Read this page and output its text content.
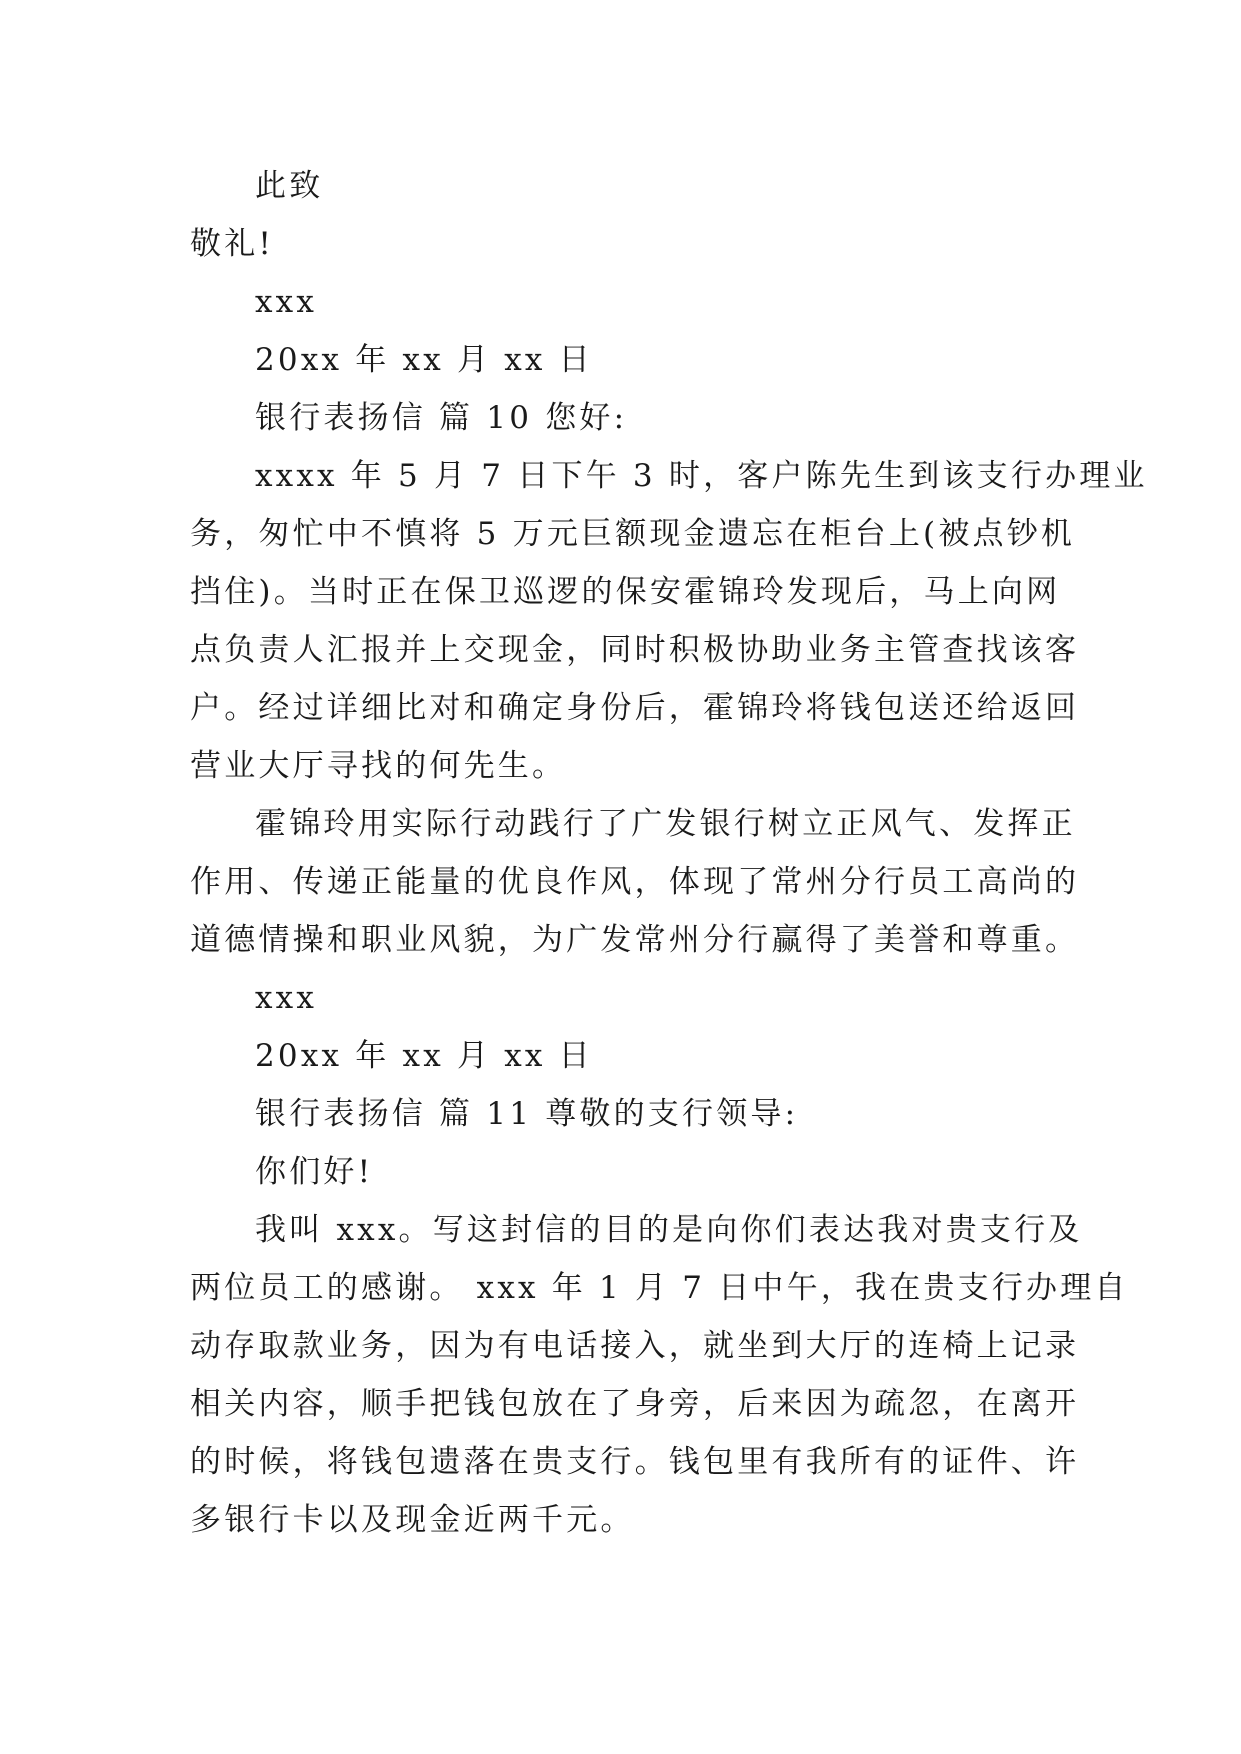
此致
敬礼!
xxx
20xx 年 xx 月 xx 日
银行表扬信 篇 10 您好:
xxxx 年 5 月 7 日下午 3 时，客户陈先生到该支行办理业
务，匆忙中不慎将 5 万元巨额现金遗忘在柜台上(被点钞机
挡住)。当时正在保卫巡逻的保安霍锦玲发现后，马上向网
点负责人汇报并上交现金，同时积极协助业务主管查找该客
户。经过详细比对和确定身份后，霍锦玲将钱包送还给返回
营业大厅寻找的何先生。
霍锦玲用实际行动践行了广发银行树立正风气、发挥正
作用、传递正能量的优良作风，体现了常州分行员工高尚的
道德情操和职业风貌，为广发常州分行赢得了美誉和尊重。
xxx
20xx 年 xx 月 xx 日
银行表扬信 篇 11 尊敬的支行领导:
你们好!
我叫 xxx。写这封信的目的是向你们表达我对贵支行及
两位员工的感谢。 xxx 年 1 月 7 日中午，我在贵支行办理自
动存取款业务，因为有电话接入，就坐到大厅的连椅上记录
相关内容，顺手把钱包放在了身旁，后来因为疏忽，在离开
的时候，将钱包遗落在贵支行。钱包里有我所有的证件、许
多银行卡以及现金近两千元。
